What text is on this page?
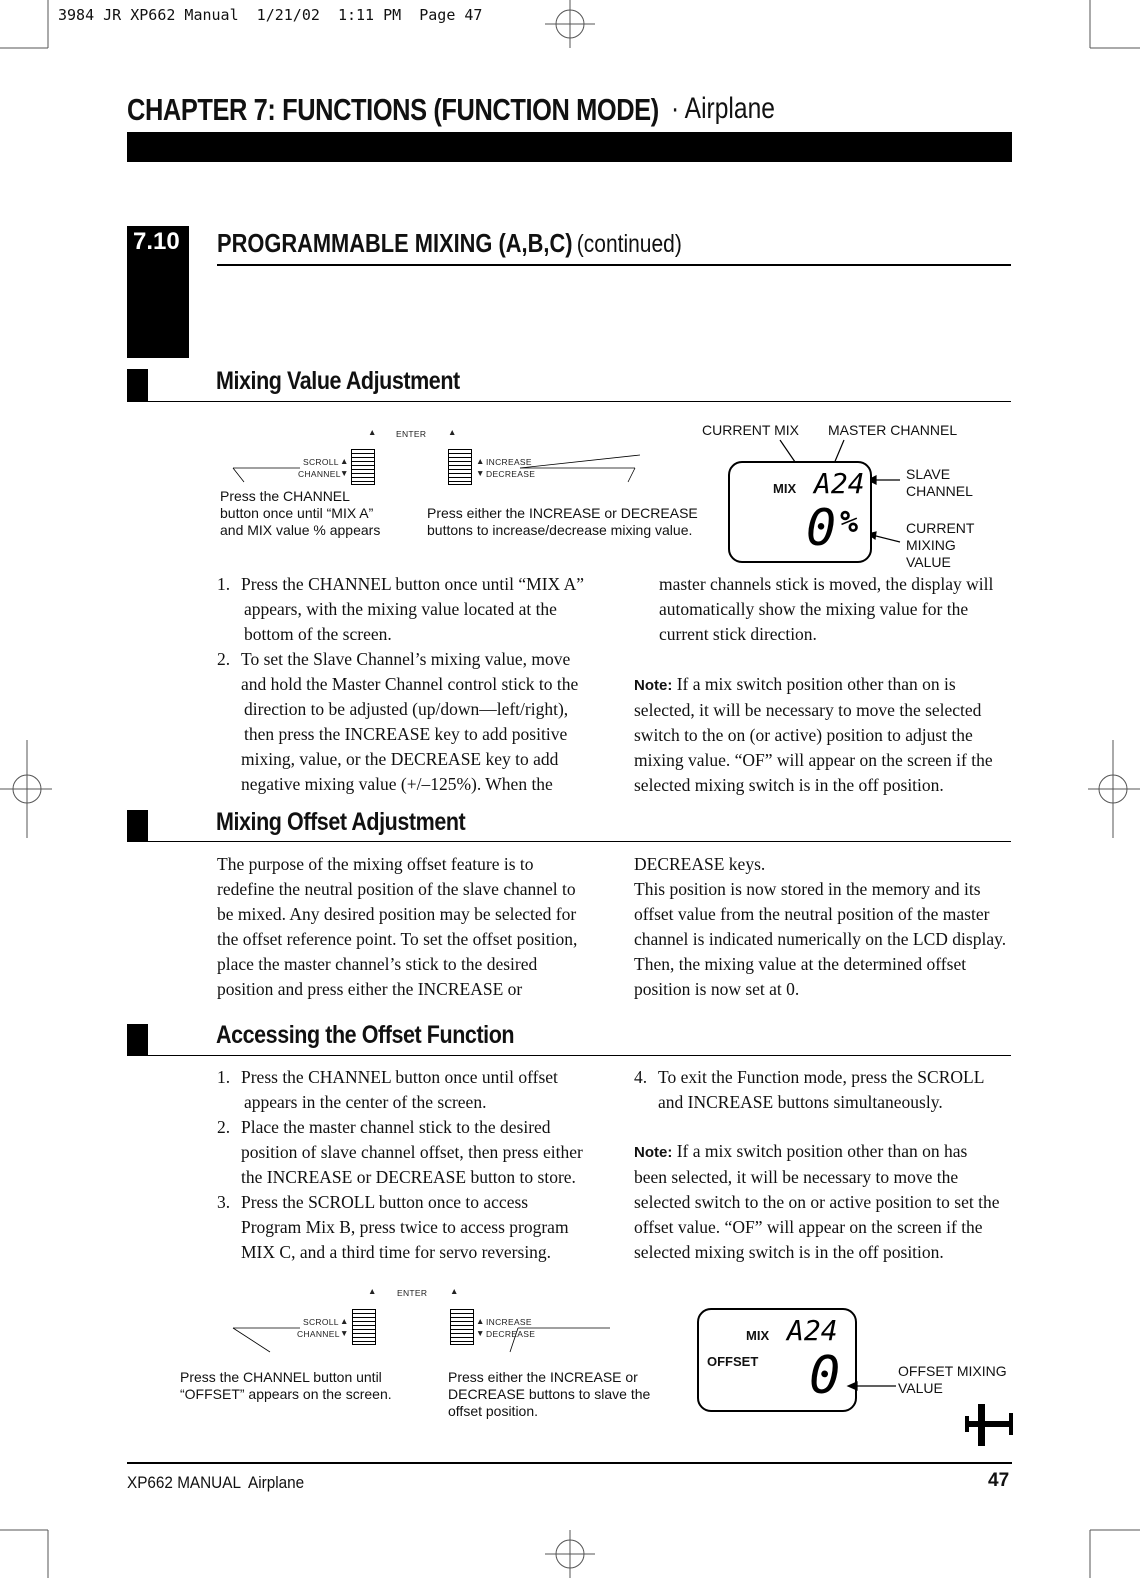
3984 JR XP662 Manual  1/21/02  1:11 PM  Page 47
CHAPTER 7: FUNCTIONS (FUNCTION MODE) · Airplane
7.10 PROGRAMMABLE MIXING (A,B,C) (continued)
Mixing Value Adjustment
▲ ENTER	▲
SCROLL ▲
CHANNEL ▼
▲ INCREASE
▼ DECREASE
Press the CHANNEL
button once until “MIX A”
and MIX value % appears
Press either the INCREASE or DECREASE
buttons to increase/decrease mixing value.
CURRENT MIX MASTER CHANNEL
MIX A24
0 %
SLAVE
CHANNEL
CURRENT
MIXING
VALUE
1. Press the CHANNEL button once until “MIX A”
appears, with the mixing value located at the
bottom of the screen.
2. To set the Slave Channel’s mixing value, move
and hold the Master Channel control stick to the
direction to be adjusted (up/down—left/right),
then press the INCREASE key to add positive
mixing, value, or the DECREASE key to add
negative mixing value (+/–125%). When the
master channels stick is moved, the display will
automatically show the mixing value for the
current stick direction.
Note: If a mix switch position other than on is
selected, it will be necessary to move the selected
switch to the on (or active) position to adjust the
mixing value. “OF” will appear on the screen if the
selected mixing switch is in the off position.
Mixing Offset Adjustment
The purpose of the mixing offset feature is to
redefine the neutral position of the slave channel to
be mixed. Any desired position may be selected for
the offset reference point. To set the offset position,
place the master channel’s stick to the desired
position and press either the INCREASE or
DECREASE keys.
This position is now stored in the memory and its
offset value from the neutral position of the master
channel is indicated numerically on the LCD display.
Then, the mixing value at the determined offset
position is now set at 0.
Accessing the Offset Function
1. Press the CHANNEL button once until offset
appears in the center of the screen.
2. Place the master channel stick to the desired
position of slave channel offset, then press either
the INCREASE or DECREASE button to store.
3. Press the SCROLL button once to access
Program Mix B, press twice to access program
MIX C, and a third time for servo reversing.
4. To exit the Function mode, press the SCROLL
and INCREASE buttons simultaneously.
Note: If a mix switch position other than on has
been selected, it will be necessary to move the
selected switch to the on or active position to set the
offset value. “OF” will appear on the screen if the
selected mixing switch is in the off position.
▲ ENTER	▲
SCROLL ▲
CHANNEL ▼
▲ INCREASE
▼ DECREASE
Press the CHANNEL button until
“OFFSET” appears on the screen.
Press either the INCREASE or
DECREASE buttons to slave the
offset position.
MIX A24
OFFSET 0	OFFSET MIXING
VALUE
XP662 MANUAL  Airplane	47
